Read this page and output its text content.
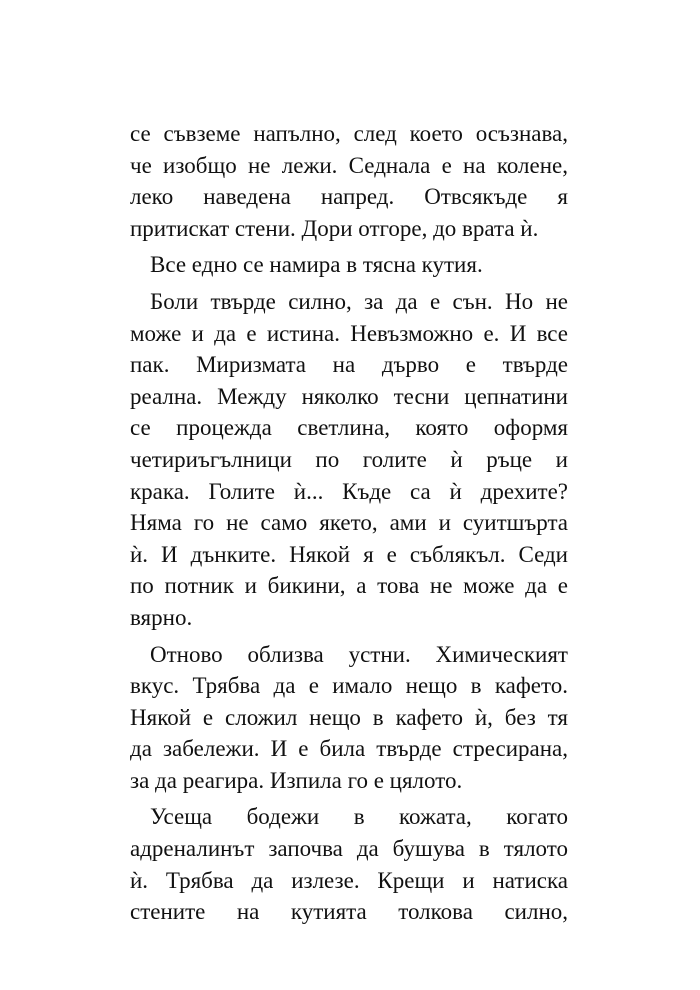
се съвземе напълно, след което осъзнава,
че изобщо не лежи. Седнала е на колене,
леко наведена напред. Отвсякъде я
притискат стени. Дори отгоре, до врата ѝ.
Все едно се намира в тясна кутия.
Боли твърде силно, за да е сън. Но не
може и да е истина. Невъзможно е. И все
пак. Миризмата на дърво е твърде
реална. Между няколко тесни цепнатини
се процежда светлина, която оформя
четириъгълници по голите ѝ ръце и
крака. Голите ѝ... Къде са ѝ дрехите?
Няма го не само якето, ами и суитшърта
ѝ. И дънките. Някой я е съблякъл. Седи
по потник и бикини, а това не може да е
вярно.
Отново облизва устни. Химическият
вкус. Трябва да е имало нещо в кафето.
Някой е сложил нещо в кафето ѝ, без тя
да забележи. И е била твърде стресирана,
за да реагира. Изпила го е цялото.
Усеща бодежи в кожата, когато
адреналинът започва да бушува в тялото
ѝ. Трябва да излезе. Крещи и натиска
стените на кутията толкова силно,
